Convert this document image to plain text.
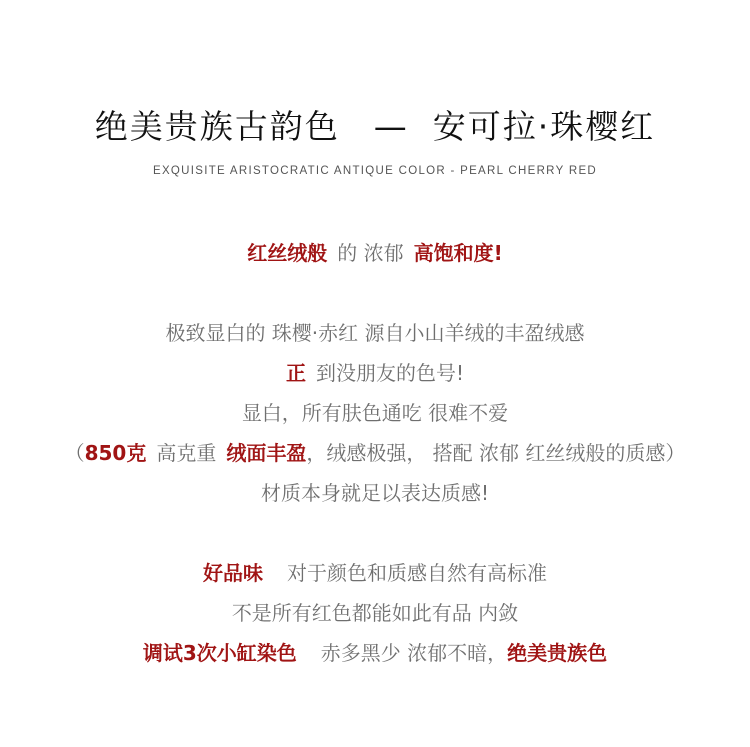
绝美贵族古韵色 — 安可拉·珠樱红
EXQUISITE ARISTOCRATIC ANTIQUE COLOR - PEARL CHERRY RED
红丝绒般 的 浓郁 高饱和度!
极致显白的 珠樱·赤红 源自小山羊绒的丰盈绒感
正 到没朋友的色号!
显白，所有肤色通吃 很难不爱
（850克 高克重 绒面丰盈，绒感极强， 搭配 浓郁 红丝绒般的质感）
材质本身就足以表达质感!
好品味 对于颜色和质感自然有高标准
不是所有红色都能如此有品 内敛
调试3次小缸染色 赤多黑少 浓郁不暗，绝美贵族色
